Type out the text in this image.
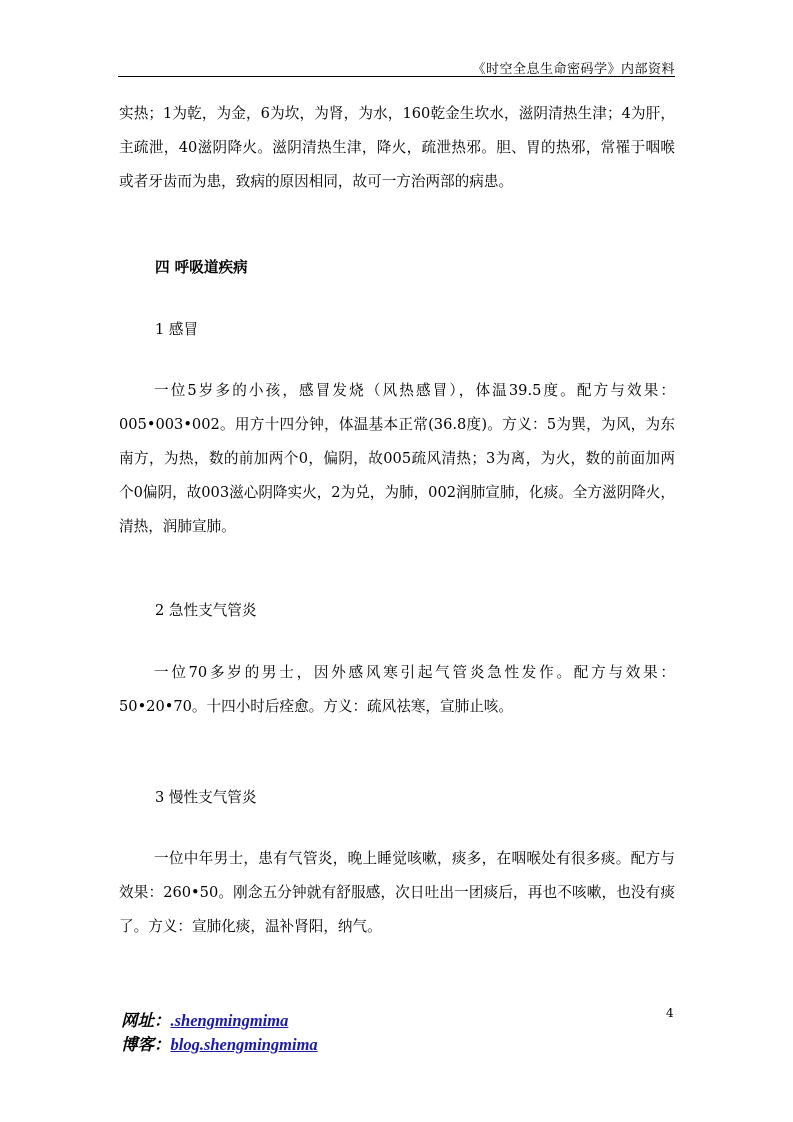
《时空全息生命密码学》内部资料

实热；1为乾，为金，6为坎，为肾，为水，160乾金生坎水，滋阴清热生津；4为肝，主疏泄，40滋阴降火。滋阴清热生津，降火，疏泄热邪。胆、胃的热邪，常罹于咽喉或者牙齿而为患，致病的原因相同，故可一方治两部的病患。

四 呼吸道疾病

1 感冒

一位5岁多的小孩，感冒发烧（风热感冒），体温39.5度。配方与效果：005•003•002。用方十四分钟，体温基本正常(36.8度)。方义：5为巽，为风，为东南方，为热，数的前加两个0，偏阴，故005疏风清热；3为离，为火，数的前面加两个0偏阴，故003滋心阴降实火，2为兑，为肺，002润肺宣肺，化痰。全方滋阴降火，清热，润肺宣肺。

2 急性支气管炎

一位70多岁的男士，因外感风寒引起气管炎急性发作。配方与效果：50•20•70。十四小时后痊愈。方义：疏风祛寒，宣肺止咳。

3 慢性支气管炎

一位中年男士，患有气管炎，晚上睡觉咳嗽，痰多，在咽喉处有很多痰。配方与效果：260•50。刚念五分钟就有舒服感，次日吐出一团痰后，再也不咳嗽，也没有痰了。方义：宣肺化痰，温补肾阳，纳气。

4
网址：.shengmingmima
博客：blog.shengmingmima
